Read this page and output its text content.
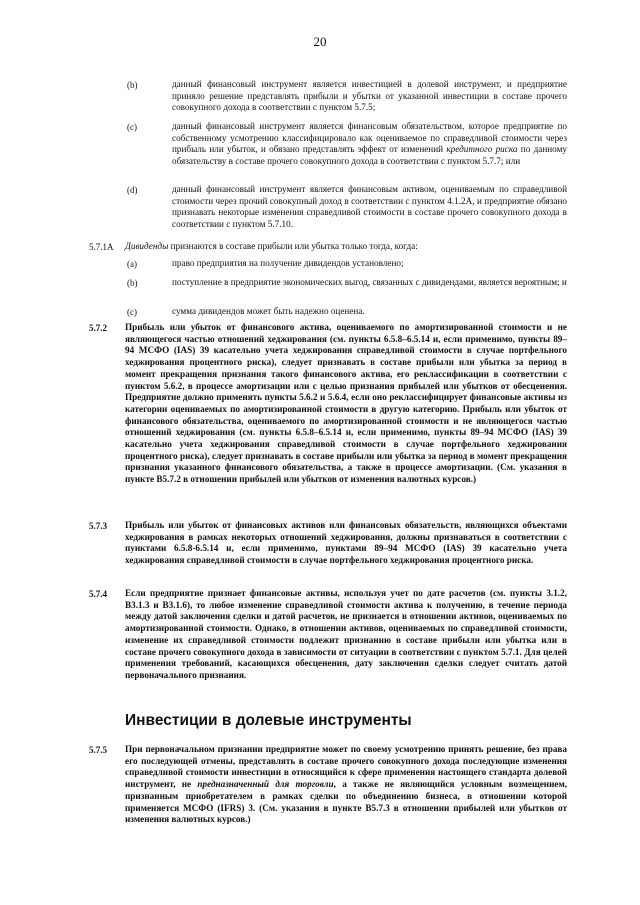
20
(b)	данный финансовый инструмент является инвестицией в долевой инструмент, и предприятие приняло решение представлять прибыли и убытки от указанной инвестиции в составе прочего совокупного дохода в соответствии с пунктом 5.7.5;
(c)	данный финансовый инструмент является финансовым обязательством, которое предприятие по собственному усмотрению классифицировало как оцениваемое по справедливой стоимости через прибыль или убыток, и обязано представлять эффект от изменений кредитного риска по данному обязательству в составе прочего совокупного дохода в соответствии с пунктом 5.7.7; или
(d)	данный финансовый инструмент является финансовым активом, оцениваемым по справедливой стоимости через прочий совокупный доход в соответствии с пунктом 4.1.2A, и предприятие обязано признавать некоторые изменения справедливой стоимости в составе прочего совокупного дохода в соответствии с пунктом 5.7.10.
5.7.1A Дивиденды признаются в составе прибыли или убытка только тогда, когда:
(a)	право предприятия на получение дивидендов установлено;
(b)	поступление в предприятие экономических выгод, связанных с дивидендами, является вероятным; и
(c)	сумма дивидендов может быть надежно оценена.
5.7.2 Прибыль или убыток от финансового актива, оцениваемого по амортизированной стоимости и не являющегося частью отношений хеджирования (см. пункты 6.5.8–6.5.14 и, если применимо, пункты 89–94 МСФО (IAS) 39 касательно учета хеджирования справедливой стоимости в случае портфельного хеджирования процентного риска), следует признавать в составе прибыли или убытка за период в момент прекращения признания такого финансового актива, его реклассификации в соответствии с пунктом 5.6.2, в процессе амортизации или с целью признания прибылей или убытков от обесценения. Предприятие должно применять пункты 5.6.2 и 5.6.4, если оно реклассифицирует финансовые активы из категории оцениваемых по амортизированной стоимости в другую категорию. Прибыль или убыток от финансового обязательства, оцениваемого по амортизированной стоимости и не являющегося частью отношений хеджирования (см. пункты 6.5.8–6.5.14 и, если применимо, пункты 89–94 МСФО (IAS) 39 касательно учета хеджирования справедливой стоимости в случае портфельного хеджирования процентного риска), следует признавать в составе прибыли или убытка за период в момент прекращения признания указанного финансового обязательства, а также в процессе амортизации. (См. указания в пункте B5.7.2 в отношении прибылей или убытков от изменения валютных курсов.)
5.7.3 Прибыль или убыток от финансовых активов или финансовых обязательств, являющихся объектами хеджирования в рамках некоторых отношений хеджирования, должны признаваться в соответствии с пунктами 6.5.8-6.5.14 и, если применимо, пунктами 89–94 МСФО (IAS) 39 касательно учета хеджирования справедливой стоимости в случае портфельного хеджирования процентного риска.
5.7.4 Если предприятие признает финансовые активы, используя учет по дате расчетов (см. пункты 3.1.2, B3.1.3 и B3.1.6), то любое изменение справедливой стоимости актива к получению, в течение периода между датой заключения сделки и датой расчетов, не признается в отношении активов, оцениваемых по амортизированной стоимости. Однако, в отношении активов, оцениваемых по справедливой стоимости, изменение их справедливой стоимости подлежит признанию в составе прибыли или убытка или в составе прочего совокупного дохода в зависимости от ситуации в соответствии с пунктом 5.7.1. Для целей применения требований, касающихся обесценения, дату заключения сделки следует считать датой первоначального признания.
Инвестиции в долевые инструменты
5.7.5 При первоначальном признании предприятие может по своему усмотрению принять решение, без права его последующей отмены, представлять в составе прочего совокупного дохода последующие изменения справедливой стоимости инвестиции в относящийся к сфере применения настоящего стандарта долевой инструмент, не предназначенный для торговли, а также не являющийся условным возмещением, признанным приобретателем в рамках сделки по объединению бизнеса, в отношении которой применяется МСФО (IFRS) 3. (См. указания в пункте B5.7.3 в отношении прибылей или убытков от изменения валютных курсов.)
